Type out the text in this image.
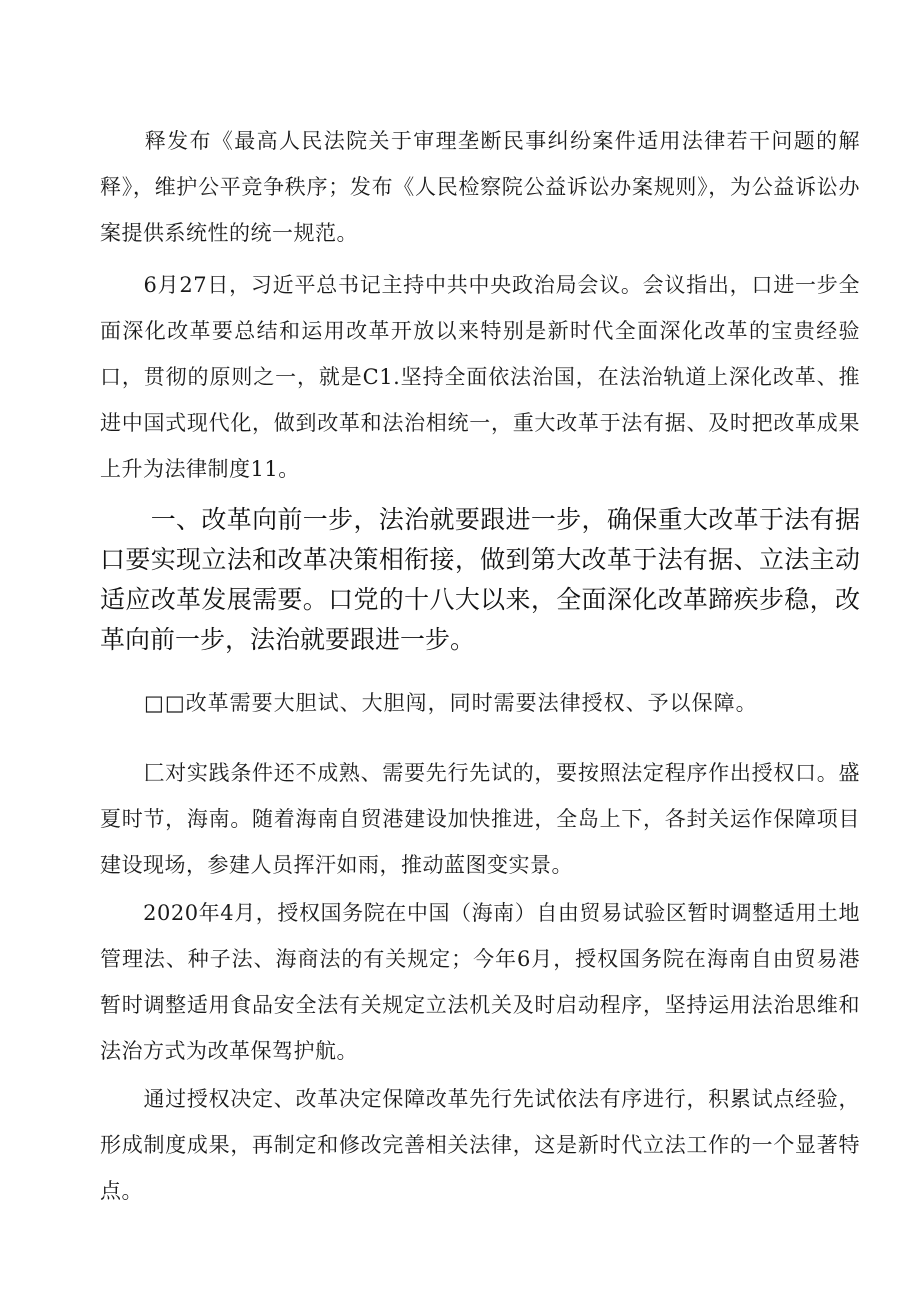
　　释发布《最高人民法院关于审理垄断民事纠纷案件适用法律若干问题的解释》，维护公平竞争秩序；发布《人民检察院公益诉讼办案规则》，为公益诉讼办案提供系统性的统一规范。

　　6月27日，习近平总书记主持中共中央政治局会议。会议指出，口进一步全面深化改革要总结和运用改革开放以来特别是新时代全面深化改革的宝贵经验口，贯彻的原则之一，就是C1.坚持全面依法治国，在法治轨道上深化改革、推进中国式现代化，做到改革和法治相统一，重大改革于法有据、及时把改革成果上升为法律制度11。

　　一、改革向前一步，法治就要跟进一步，确保重大改革于法有据口要实现立法和改革决策相衔接，做到第大改革于法有据、立法主动适应改革发展需要。口党的十八大以来，全面深化改革蹄疾步稳，改革向前一步，法治就要跟进一步。

　　□□改革需要大胆试、大胆闯，同时需要法律授权、予以保障。

　　匚对实践条件还不成熟、需要先行先试的，要按照法定程序作出授权口。盛夏时节，海南。随着海南自贸港建设加快推进，全岛上下，各封关运作保障项目建设现场，参建人员挥汗如雨，推动蓝图变实景。

　　2020年4月，授权国务院在中国（海南）自由贸易试验区暂时调整适用土地管理法、种子法、海商法的有关规定；今年6月，授权国务院在海南自由贸易港暂时调整适用食品安全法有关规定立法机关及时启动程序，坚持运用法治思维和法治方式为改革保驾护航。

　　通过授权决定、改革决定保障改革先行先试依法有序进行，积累试点经验，形成制度成果，再制定和修改完善相关法律，这是新时代立法工作的一个显著特点。
